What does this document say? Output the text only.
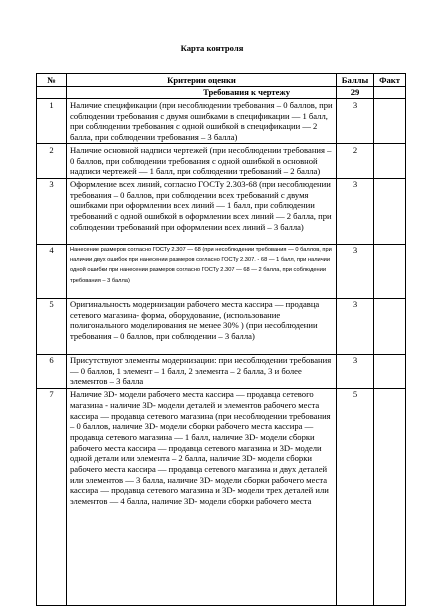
Карта контроля
№	Критерии оценки	Баллы	Факт
	Требования к чертежу	29	
1	Наличие спецификации (при несоблюдении требования – 0 баллов, при соблюдении требования с двумя ошибками в спецификации — 1 балл, при соблюдении требования с одной ошибкой в спецификации — 2 балла, при соблюдении требования – 3 балла)	3	
2	Наличие основной надписи чертежей (при несоблюдении требования – 0 баллов, при соблюдении требования с одной ошибкой в основной надписи чертежей — 1 балл, при соблюдении требований – 2 балла)	2	
3	Оформление всех линий, согласно ГОСТу 2.303-68 (при несоблюдении требования – 0 баллов, при соблюдении всех требований с двумя ошибками при оформлении всех линий — 1 балл, при соблюдении требований с одной ошибкой в оформлении всех линий — 2 балла, при соблюдении требований при оформлении всех линий – 3 балла)	3	
4	Нанесение размеров согласно ГОСТу 2.307 — 68 (при несоблюдении требования — 0 баллов, при наличии двух ошибок при нанесении размеров согласно ГОСТу 2.307. - 68 — 1 балл, при наличии одной ошибки при нанесении размеров согласно ГОСТу 2.307 — 68 — 2 балла, при соблюдении требования – 3 балла)	3	
5	Оригинальность модернизации рабочего места кассира — продавца сетевого магазина- форма, оборудование, (использование полигонального моделирования не менее 30% ) (при несоблюдении требования – 0 баллов, при соблюдении – 3 балла)	3	
6	Присутствуют элементы модернизации: при несоблюдении требования — 0 баллов, 1 элемент – 1 балл, 2 элемента – 2 балла, 3 и более элементов – 3 балла	3	
7	Наличие 3D- модели рабочего места кассира — продавца сетевого магазина - наличие 3D- модели деталей и элементов рабочего места кассира — продавца сетевого магазина (при несоблюдении требования – 0 баллов, наличие 3D- модели сборки рабочего места кассира — продавца сетевого магазина — 1 балл, наличие 3D- модели сборки рабочего места кассира — продавца сетевого магазина и 3D- модели одной детали или элемента – 2 балла, наличие 3D- модели сборки рабочего места кассира — продавца сетевого магазина и двух деталей или элементов — 3 балла, наличие 3D- модели сборки рабочего места кассира — продавца сетевого магазина и 3D- модели трех деталей или элементов — 4 балла, наличие 3D- модели сборки рабочего места	5	
